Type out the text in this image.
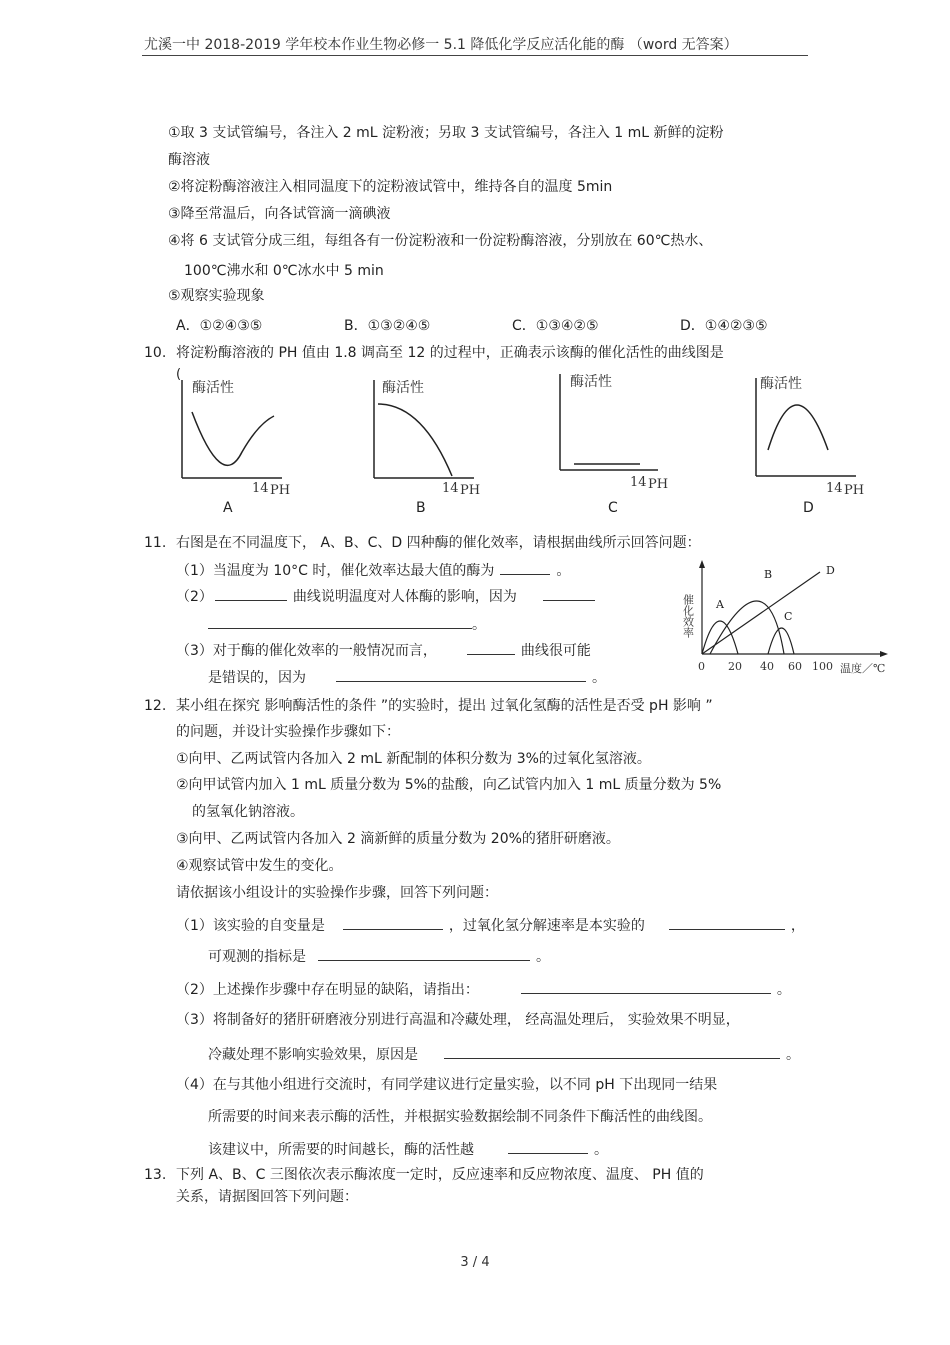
尤溪一中 2018-2019 学年校本作业生物必修一 5.1 降低化学反应活化能的酶 （word 无答案）
①取 3 支试管编号，各注入 2 mL 淀粉液；另取 3 支试管编号，各注入 1 mL 新鲜的淀粉
酶溶液
②将淀粉酶溶液注入相同温度下的淀粉液试管中，维持各自的温度 5min
③降至常温后，向各试管滴一滴碘液
④将 6 支试管分成三组，每组各有一份淀粉液和一份淀粉酶溶液，分别放在 60℃热水、
100℃沸水和 0℃冰水中 5 min
⑤观察实验现象
A．①②④③⑤	B．①③②④⑤	C．①③④②⑤	D．①④②③⑤
10. 将淀粉酶溶液的 PH 值由 1.8 调高至 12 的过程中，正确表示该酶的催化活性的曲线图是
(
酶活性
14 PH
A
酶活性
14 PH
B
酶活性
14 PH
C
酶活性
14 PH
D
11. 右图是在不同温度下， A、B、C、D 四种酶的催化效率，请根据曲线所示回答问题：
（1）当温度为 10°C 时，催化效率达最大值的酶为	。
（2）	曲线说明温度对人体酶的影响，因为
。
（3）对于酶的催化效率的一般情况而言，	曲线很可能
是错误的，因为	。
A
B
C
D
催化效率
0 20 40 60 100 温度／℃
12. 某小组在探究 影响酶活性的条件 ”的实验时，提出 过氧化氢酶的活性是否受 pH 影响 ”
的问题，并设计实验操作步骤如下：
①向甲、乙两试管内各加入 2 mL 新配制的体积分数为 3%的过氧化氢溶液。
②向甲试管内加入 1 mL 质量分数为 5%的盐酸，向乙试管内加入 1 mL 质量分数为 5%
的氢氧化钠溶液。
③向甲、乙两试管内各加入 2 滴新鲜的质量分数为 20%的猪肝研磨液。
④观察试管中发生的变化。
请依据该小组设计的实验操作步骤，回答下列问题：
（1）该实验的自变量是	，过氧化氢分解速率是本实验的	，
可观测的指标是	。
（2）上述操作步骤中存在明显的缺陷，请指出：	。
（3）将制备好的猪肝研磨液分别进行高温和冷藏处理， 经高温处理后， 实验效果不明显，
冷藏处理不影响实验效果，原因是	。
（4）在与其他小组进行交流时，有同学建议进行定量实验，以不同 pH 下出现同一结果
所需要的时间来表示酶的活性，并根据实验数据绘制不同条件下酶活性的曲线图。
该建议中，所需要的时间越长，酶的活性越	。
13. 下列 A、B、C 三图依次表示酶浓度一定时，反应速率和反应物浓度、温度、 PH 值的
关系，请据图回答下列问题：
3 / 4
